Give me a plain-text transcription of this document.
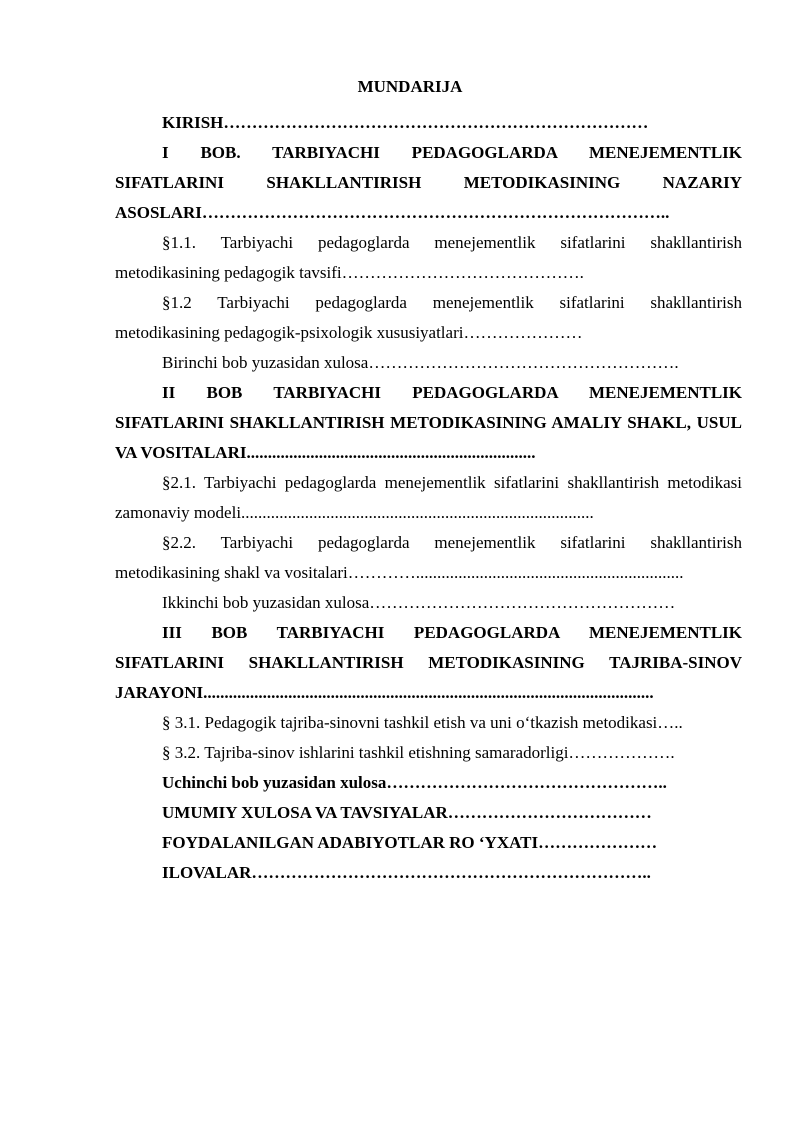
MUNDARIJA

KIRISH…………………………………………………………………

I BOB. TARBIYACHI PEDAGOGLARDA MENEJEMENTLIK SIFATLARINI SHAKLLANTIRISH METODIKASINING NAZARIY ASOSLARI………………………………………………………………………..

§1.1. Tarbiyachi pedagoglarda menejementlik sifatlarini shakllantirish metodikasining pedagogik tavsifi…………………………………….

§1.2 Tarbiyachi pedagoglarda menejementlik sifatlarini shakllantirish metodikasining pedagogik-psixologik xususiyatlari…………………

Birinchi bob yuzasidan xulosa……………………………………………….

II BOB TARBIYACHI PEDAGOGLARDA MENEJEMENTLIK SIFATLARINI SHAKLLANTIRISH METODIKASINING AMALIY SHAKL, USUL VA VOSITALARI....................................................................

§2.1. Tarbiyachi pedagoglarda menejementlik sifatlarini shakllantirish metodikasi zamonaviy modeli...................................................................................

§2.2. Tarbiyachi pedagoglarda menejementlik sifatlarini shakllantirish metodikasining shakl va vositalari…………...............................................................

Ikkinchi bob yuzasidan xulosa………………………………………………

III BOB TARBIYACHI PEDAGOGLARDA MENEJEMENTLIK SIFATLARINI SHAKLLANTIRISH METODIKASINING TAJRIBA-SINOV JARAYONI..........................................................................................................

§ 3.1. Pedagogik tajriba-sinovni tashkil etish va uni o‘tkazish metodikasi…..

§ 3.2. Tajriba-sinov ishlarini tashkil etishning samaradorligi……………….

Uchinchi bob yuzasidan xulosa…………………………………………..

UMUMIY XULOSA VA TAVSIYALAR………………………………

FOYDALANILGAN ADABIYOTLAR RO ‘YXATI…………………

ILOVALAR……………………………………………………………..
